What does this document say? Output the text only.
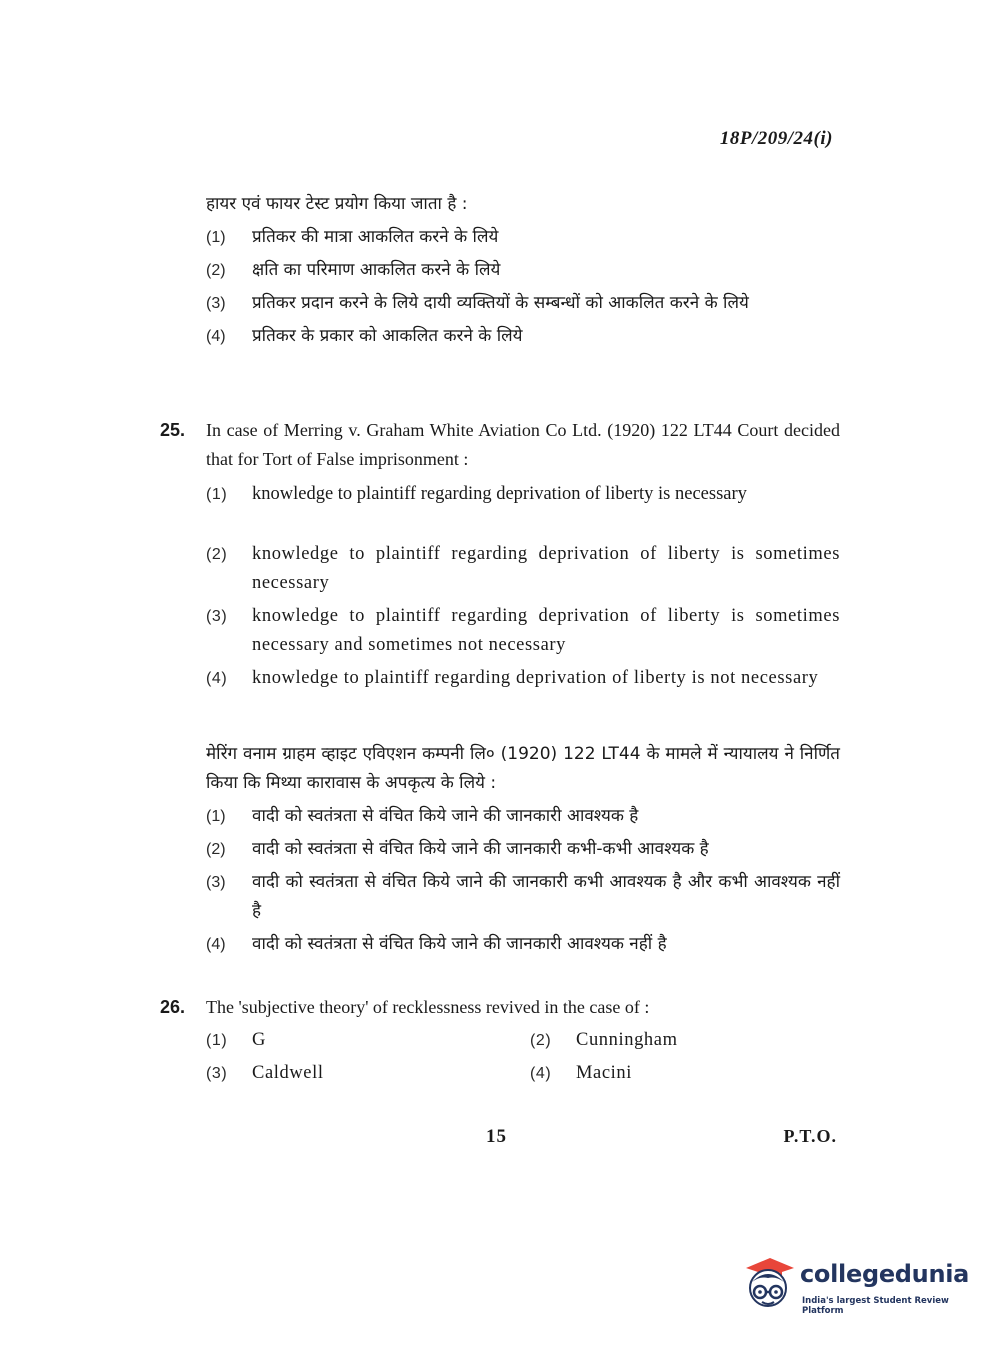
18P/209/24(i)
हायर एवं फायर टेस्ट प्रयोग किया जाता है :
(1)	प्रतिकर की मात्रा आकलित करने के लिये
(2)	क्षति का परिमाण आकलित करने के लिये
(3)	प्रतिकर प्रदान करने के लिये दायी व्यक्तियों के सम्बन्धों को आकलित करने के लिये
(4)	प्रतिकर के प्रकार को आकलित करने के लिये
25.	In case of Merring v. Graham White Aviation Co Ltd. (1920) 122 LT44 Court decided that for Tort of False imprisonment :
(1)	knowledge to plaintiff regarding deprivation of liberty is necessary
(2)	knowledge to plaintiff regarding deprivation of liberty is sometimes necessary
(3)	knowledge to plaintiff regarding deprivation of liberty is sometimes necessary and sometimes not necessary
(4)	knowledge to plaintiff regarding deprivation of liberty is not necessary
मेरिंग वनाम ग्राहम व्हाइट एविएशन कम्पनी लि० (1920) 122 LT44 के मामले में न्यायालय ने निर्णित किया कि मिथ्या कारावास के अपकृत्य के लिये :
(1)	वादी को स्वतंत्रता से वंचित किये जाने की जानकारी आवश्यक है
(2)	वादी को स्वतंत्रता से वंचित किये जाने की जानकारी कभी-कभी आवश्यक है
(3)	वादी को स्वतंत्रता से वंचित किये जाने की जानकारी कभी आवश्यक है और कभी आवश्यक नहीं है
(4)	वादी को स्वतंत्रता से वंचित किये जाने की जानकारी आवश्यक नहीं है
26.	The 'subjective theory' of recklessness revived in the case of :
(1)	G	(2)	Cunningham
(3)	Caldwell	(4)	Macini
15	P.T.O.
collegedunia
India's largest Student Review Platform
